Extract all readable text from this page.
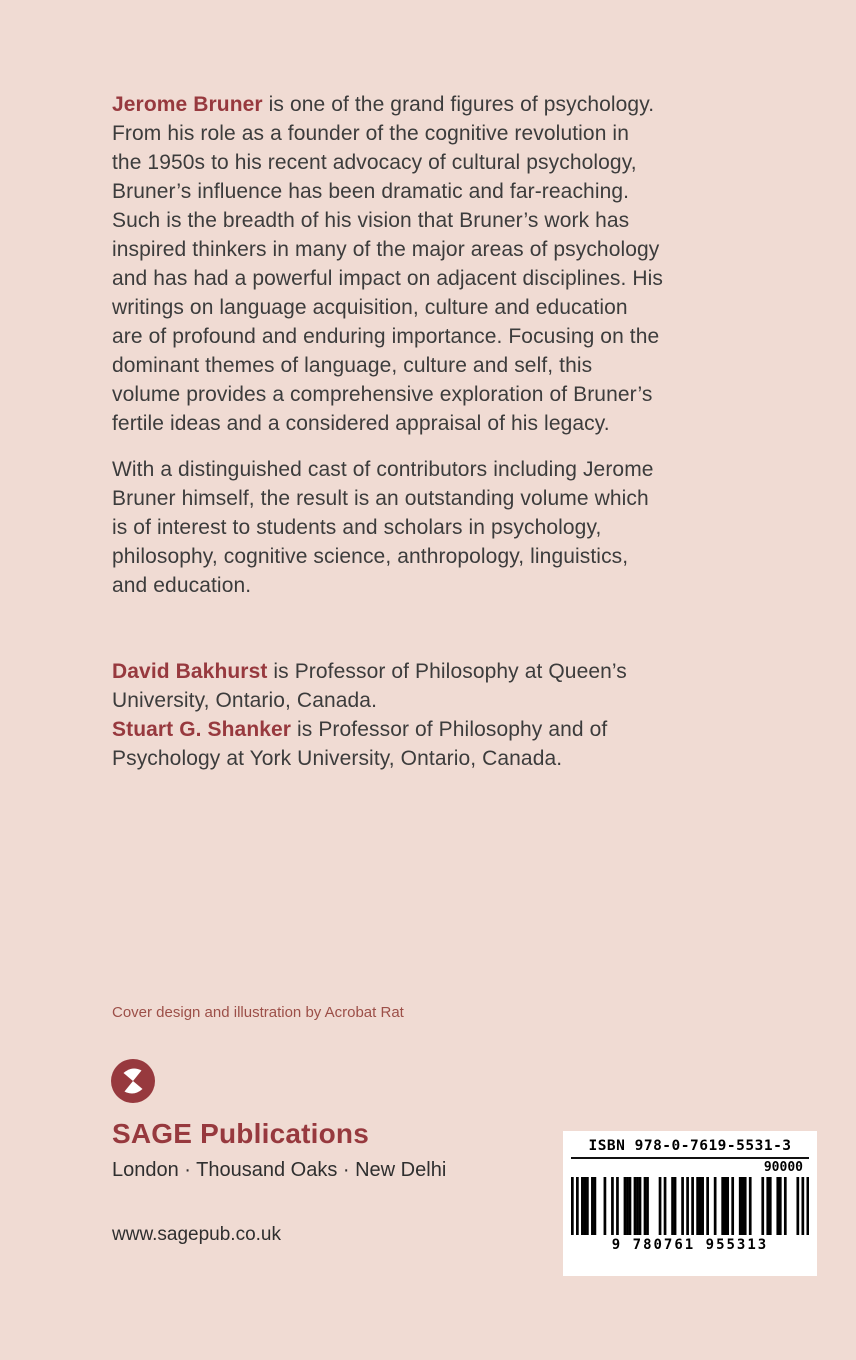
Jerome Bruner is one of the grand figures of psychology. From his role as a founder of the cognitive revolution in the 1950s to his recent advocacy of cultural psychology, Bruner’s influence has been dramatic and far-reaching. Such is the breadth of his vision that Bruner’s work has inspired thinkers in many of the major areas of psychology and has had a powerful impact on adjacent disciplines. His writings on language acquisition, culture and education are of profound and enduring importance. Focusing on the dominant themes of language, culture and self, this volume provides a comprehensive exploration of Bruner’s fertile ideas and a considered appraisal of his legacy.

With a distinguished cast of contributors including Jerome Bruner himself, the result is an outstanding volume which is of interest to students and scholars in psychology, philosophy, cognitive science, anthropology, linguistics, and education.

David Bakhurst is Professor of Philosophy at Queen’s University, Ontario, Canada.
Stuart G. Shanker is Professor of Philosophy and of Psychology at York University, Ontario, Canada.

Cover design and illustration by Acrobat Rat
SAGE Publications
London · Thousand Oaks · New Delhi
www.sagepub.co.uk
ISBN 978-0-7619-5531-3
90000
9 780761 955313
